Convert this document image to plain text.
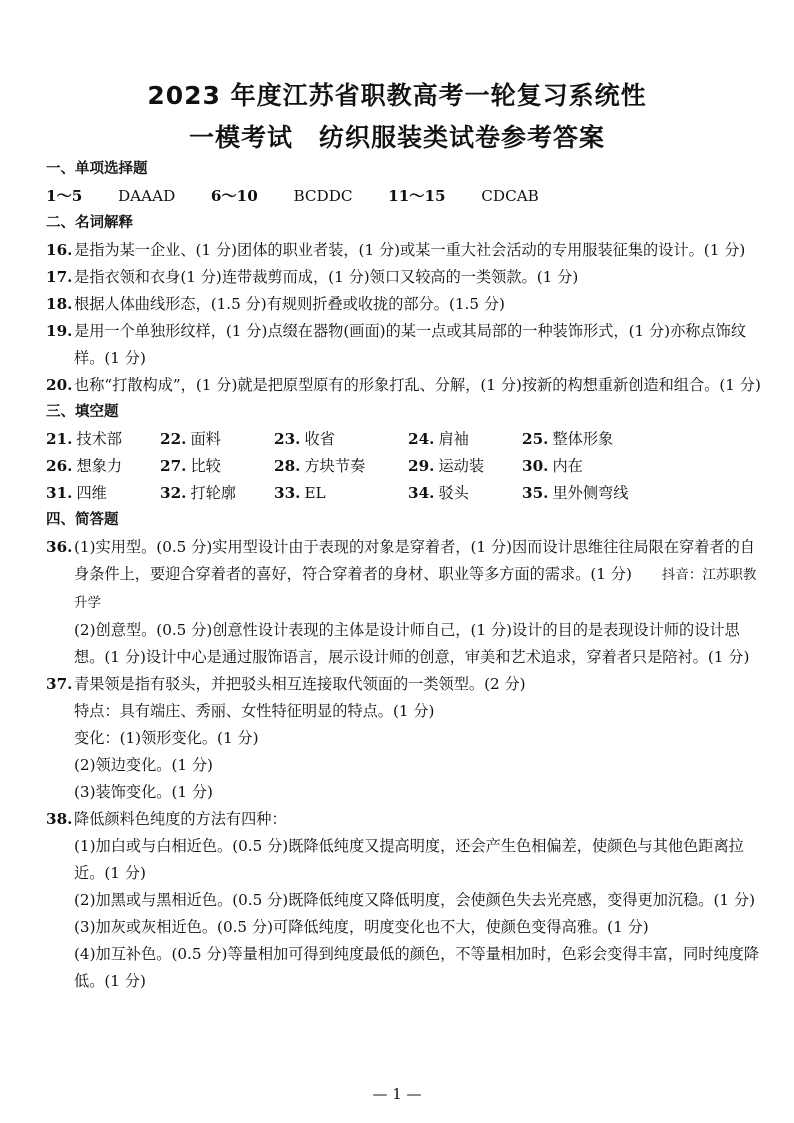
2023 年度江苏省职教高考一轮复习系统性
一模考试　纺织服装类试卷参考答案
一、单项选择题
1～5 DAAAD 6～10 BCDDC 11～15 CDCAB
二、名词解释
16. 是指为某一企业、(1 分)团体的职业者装，(1 分)或某一重大社会活动的专用服装征集的设计。(1 分)
17. 是指衣领和衣身(1 分)连带裁剪而成，(1 分)领口又较高的一类领款。(1 分)
18. 根据人体曲线形态，(1.5 分)有规则折叠或收拢的部分。(1.5 分)
19. 是用一个单独形纹样，(1 分)点缀在器物(画面)的某一点或其局部的一种装饰形式，(1 分)亦称点饰纹样。(1 分)
20. 也称“打散构成”，(1 分)就是把原型原有的形象打乱、分解，(1 分)按新的构想重新创造和组合。(1 分)
三、填空题
21. 技术部	22. 面料	23. 收省	24. 肩袖	25. 整体形象
26. 想象力	27. 比较	28. 方块节奏	29. 运动装	30. 内在
31. 四维	32. 打轮廓	33. EL	34. 驳头	35. 里外侧弯线
四、简答题
36. (1)实用型。(0.5 分)实用型设计由于表现的对象是穿着者，(1 分)因而设计思维往往局限在穿着者的自身条件上，要迎合穿着者的喜好，符合穿着者的身材、职业等多方面的需求。(1 分) 抖音：江苏职教升学
(2)创意型。(0.5 分)创意性设计表现的主体是设计师自己，(1 分)设计的目的是表现设计师的设计思想。(1 分)设计中心是通过服饰语言，展示设计师的创意，审美和艺术追求，穿着者只是陪衬。(1 分)
37. 青果领是指有驳头，并把驳头相互连接取代领面的一类领型。(2 分)
特点：具有端庄、秀丽、女性特征明显的特点。(1 分)
变化：(1)领形变化。(1 分)
(2)领边变化。(1 分)
(3)装饰变化。(1 分)
38. 降低颜料色纯度的方法有四种：
(1)加白或与白相近色。(0.5 分)既降低纯度又提高明度，还会产生色相偏差，使颜色与其他色距离拉近。(1 分)
(2)加黑或与黑相近色。(0.5 分)既降低纯度又降低明度，会使颜色失去光亮感，变得更加沉稳。(1 分)
(3)加灰或灰相近色。(0.5 分)可降低纯度，明度变化也不大，使颜色变得高雅。(1 分)
(4)加互补色。(0.5 分)等量相加可得到纯度最低的颜色，不等量相加时，色彩会变得丰富，同时纯度降低。(1 分)
— 1 —
